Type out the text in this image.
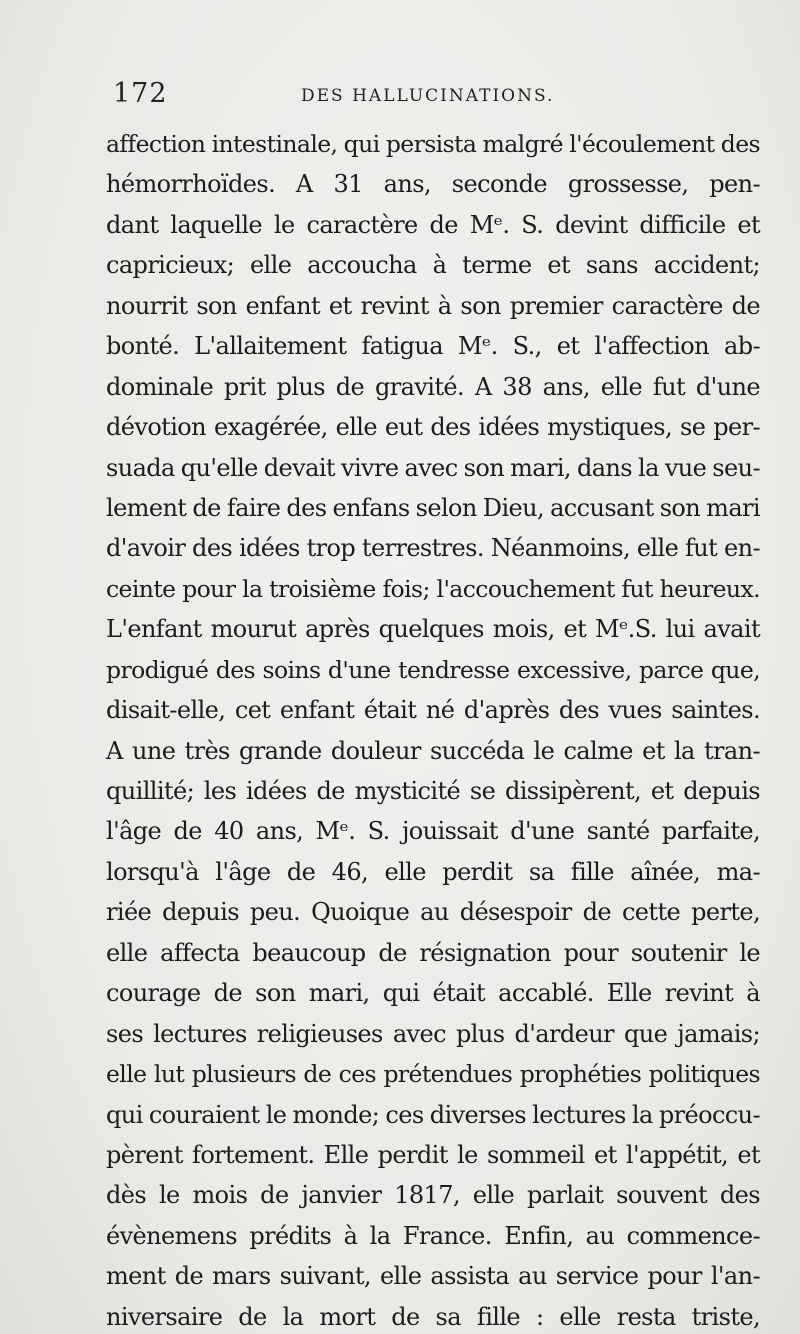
172	DES HALLUCINATIONS.
affection intestinale, qui persista malgré l'écoulement des
hémorrhoïdes. A 31 ans, seconde grossesse, pen-
dant laquelle le caractère de Mᵉ. S. devint difficile et
capricieux; elle accoucha à terme et sans accident;
nourrit son enfant et revint à son premier caractère de
bonté. L'allaitement fatigua Mᵉ. S., et l'affection ab-
dominale prit plus de gravité. A 38 ans, elle fut d'une
dévotion exagérée, elle eut des idées mystiques, se per-
suada qu'elle devait vivre avec son mari, dans la vue seu-
lement de faire des enfans selon Dieu, accusant son mari
d'avoir des idées trop terrestres. Néanmoins, elle fut en-
ceinte pour la troisième fois; l'accouchement fut heureux.
L'enfant mourut après quelques mois, et Mᵉ.S. lui avait
prodigué des soins d'une tendresse excessive, parce que,
disait-elle, cet enfant était né d'après des vues saintes.
A une très grande douleur succéda le calme et la tran-
quillité; les idées de mysticité se dissipèrent, et depuis
l'âge de 40 ans, Mᵉ. S. jouissait d'une santé parfaite,
lorsqu'à l'âge de 46, elle perdit sa fille aînée, ma-
riée depuis peu. Quoique au désespoir de cette perte,
elle affecta beaucoup de résignation pour soutenir le
courage de son mari, qui était accablé. Elle revint à
ses lectures religieuses avec plus d'ardeur que jamais;
elle lut plusieurs de ces prétendues prophéties politiques
qui couraient le monde; ces diverses lectures la préoccu-
pèrent fortement. Elle perdit le sommeil et l'appétit, et
dès le mois de janvier 1817, elle parlait souvent des
évènemens prédits à la France. Enfin, au commence-
ment de mars suivant, elle assista au service pour l'an-
niversaire de la mort de sa fille : elle resta triste,
